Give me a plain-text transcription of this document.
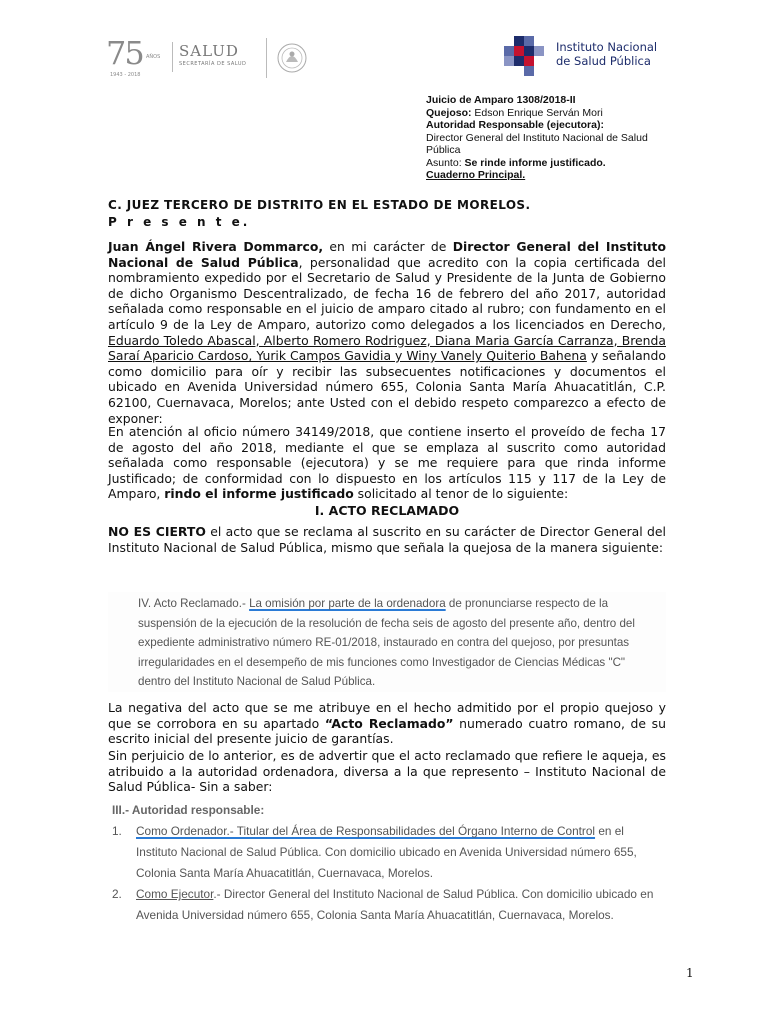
75 AÑOS
1943 - 2018
SALUD
SECRETARÍA DE SALUD
Instituto Nacional
de Salud Pública
Juicio de Amparo 1308/2018-II
Quejoso: Edson Enrique Serván Mori
Autoridad Responsable (ejecutora):
Director General del Instituto Nacional de Salud Pública
Asunto: Se rinde informe justificado.
Cuaderno Principal.
C. JUEZ TERCERO DE DISTRITO EN EL ESTADO DE MORELOS.
P r e s e n t e.
Juan Ángel Rivera Dommarco, en mi carácter de Director General del Instituto Nacional de Salud Pública, personalidad que acredito con la copia certificada del nombramiento expedido por el Secretario de Salud y Presidente de la Junta de Gobierno de dicho Organismo Descentralizado, de fecha 16 de febrero del año 2017, autoridad señalada como responsable en el juicio de amparo citado al rubro; con fundamento en el artículo 9 de la Ley de Amparo, autorizo como delegados a los licenciados en Derecho, Eduardo Toledo Abascal, Alberto Romero Rodriguez, Diana Maria García Carranza, Brenda Saraí Aparicio Cardoso, Yurik Campos Gavidia y Winy Vanely Quiterio Bahena y señalando como domicilio para oír y recibir las subsecuentes notificaciones y documentos el ubicado en Avenida Universidad número 655, Colonia Santa María Ahuacatitlán, C.P. 62100, Cuernavaca, Morelos; ante Usted con el debido respeto comparezco a efecto de exponer:
En atención al oficio número 34149/2018, que contiene inserto el proveído de fecha 17 de agosto del año 2018, mediante el que se emplaza al suscrito como autoridad señalada como responsable (ejecutora) y se me requiere para que rinda informe Justificado; de conformidad con lo dispuesto en los artículos 115 y 117 de la Ley de Amparo, rindo el informe justificado solicitado al tenor de lo siguiente:
I. ACTO RECLAMADO
NO ES CIERTO el acto que se reclama al suscrito en su carácter de Director General del Instituto Nacional de Salud Pública, mismo que señala la quejosa de la manera siguiente:
IV. Acto Reclamado.- La omisión por parte de la ordenadora de pronunciarse respecto de la suspensión de la ejecución de la resolución de fecha seis de agosto del presente año, dentro del expediente administrativo número RE-01/2018, instaurado en contra del quejoso, por presuntas irregularidades en el desempeño de mis funciones como Investigador de Ciencias Médicas "C" dentro del Instituto Nacional de Salud Pública.
La negativa del acto que se me atribuye en el hecho admitido por el propio quejoso y que se corrobora en su apartado “Acto Reclamado” numerado cuatro romano, de su escrito inicial del presente juicio de garantías.
Sin perjuicio de lo anterior, es de advertir que el acto reclamado que refiere le aqueja, es atribuido a la autoridad ordenadora, diversa a la que represento – Instituto Nacional de Salud Pública- Sin a saber:
III.- Autoridad responsable:
1.	Como Ordenador.- Titular del Área de Responsabilidades del Órgano Interno de Control en el Instituto Nacional de Salud Pública. Con domicilio ubicado en Avenida Universidad número 655, Colonia Santa María Ahuacatitlán, Cuernavaca, Morelos.
2.	Como Ejecutor.- Director General del Instituto Nacional de Salud Pública. Con domicilio ubicado en Avenida Universidad número 655, Colonia Santa María Ahuacatitlán, Cuernavaca, Morelos.
1
